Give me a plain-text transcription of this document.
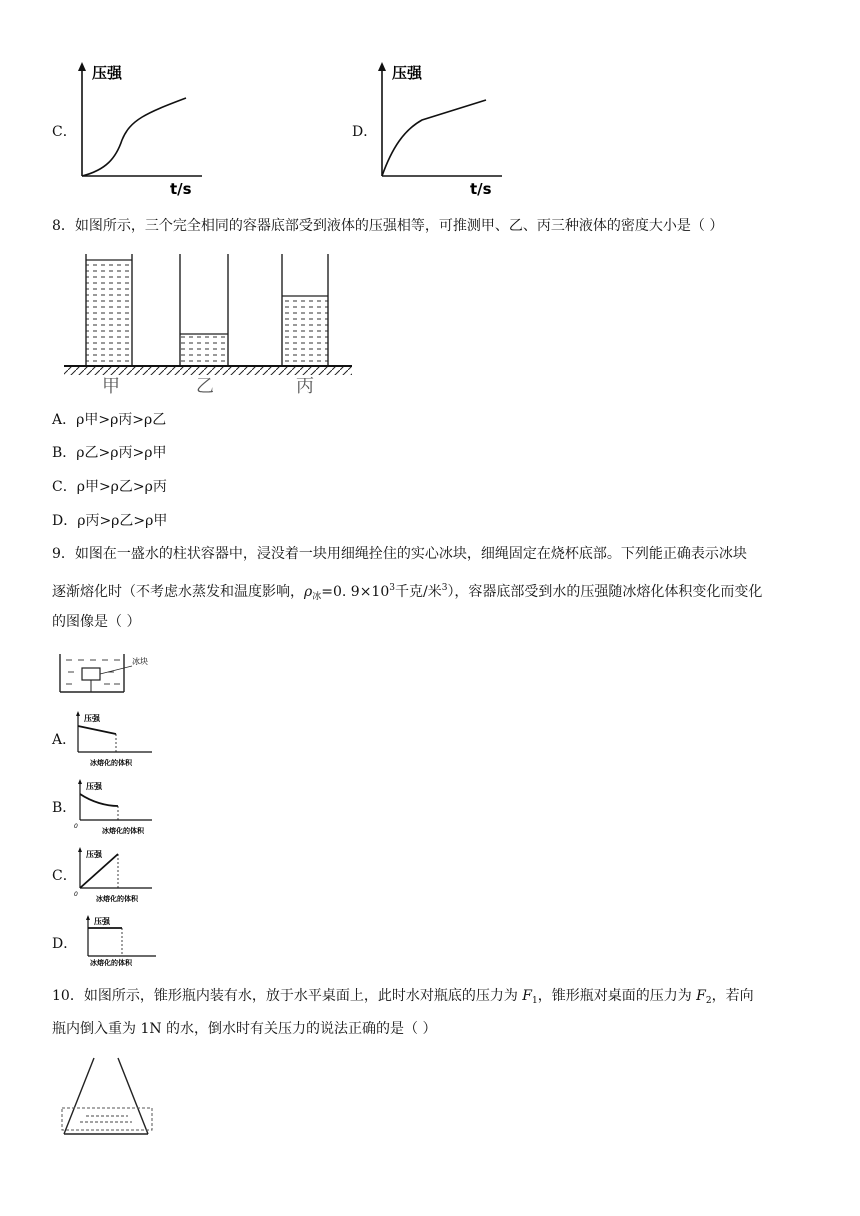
C．
压强
t/s
D．
压强
t/s
8．如图所示，三个完全相同的容器底部受到液体的压强相等，可推测甲、乙、丙三种液体的密度大小是（ ）
甲	乙	丙
A．ρ甲>ρ丙>ρ乙
B．ρ乙>ρ丙>ρ甲
C．ρ甲>ρ乙>ρ丙
D．ρ丙>ρ乙>ρ甲
9．如图在一盛水的柱状容器中，浸没着一块用细绳拴住的实心冰块，细绳固定在烧杯底部。下列能正确表示冰块
逐渐熔化时（不考虑水蒸发和温度影响，$\rho_冰=0$. $9\times 10^3$千克/米$^3$），容器底部受到水的压强随冰熔化体积变化而变化
的图像是（ ）
冰块
A．
压强
冰熔化的体积
B．
压强
0
冰熔化的体积
C．
压强
0
冰熔化的体积
D．
压强
冰熔化的体积
10．如图所示，锥形瓶内装有水，放于水平桌面上，此时水对瓶底的压力为 $F_1$，锥形瓶对桌面的压力为 $F_2$，若向
瓶内倒入重为 1N 的水，倒水时有关压力的说法正确的是（ ）
